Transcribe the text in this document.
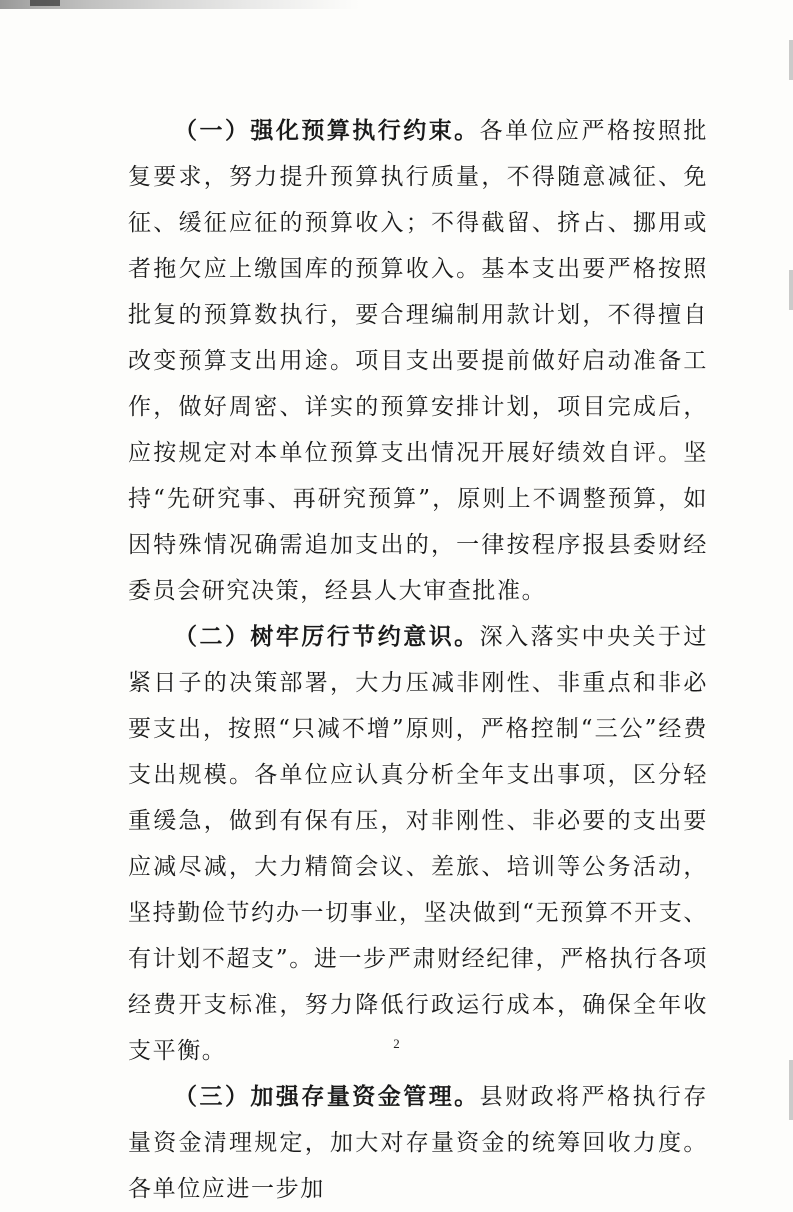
（一）强化预算执行约束。各单位应严格按照批复要求，努力提升预算执行质量，不得随意减征、免征、缓征应征的预算收入；不得截留、挤占、挪用或者拖欠应上缴国库的预算收入。基本支出要严格按照批复的预算数执行，要合理编制用款计划，不得擅自改变预算支出用途。项目支出要提前做好启动准备工作，做好周密、详实的预算安排计划，项目完成后，应按规定对本单位预算支出情况开展好绩效自评。坚持“先研究事、再研究预算”，原则上不调整预算，如因特殊情况确需追加支出的，一律按程序报县委财经委员会研究决策，经县人大审查批准。

（二）树牢厉行节约意识。深入落实中央关于过紧日子的决策部署，大力压减非刚性、非重点和非必要支出，按照“只减不增”原则，严格控制“三公”经费支出规模。各单位应认真分析全年支出事项，区分轻重缓急，做到有保有压，对非刚性、非必要的支出要应减尽减，大力精简会议、差旅、培训等公务活动，坚持勤俭节约办一切事业，坚决做到“无预算不开支、有计划不超支”。进一步严肃财经纪律，严格执行各项经费开支标准，努力降低行政运行成本，确保全年收支平衡。

（三）加强存量资金管理。县财政将严格执行存量资金清理规定，加大对存量资金的统筹回收力度。各单位应进一步加

2
